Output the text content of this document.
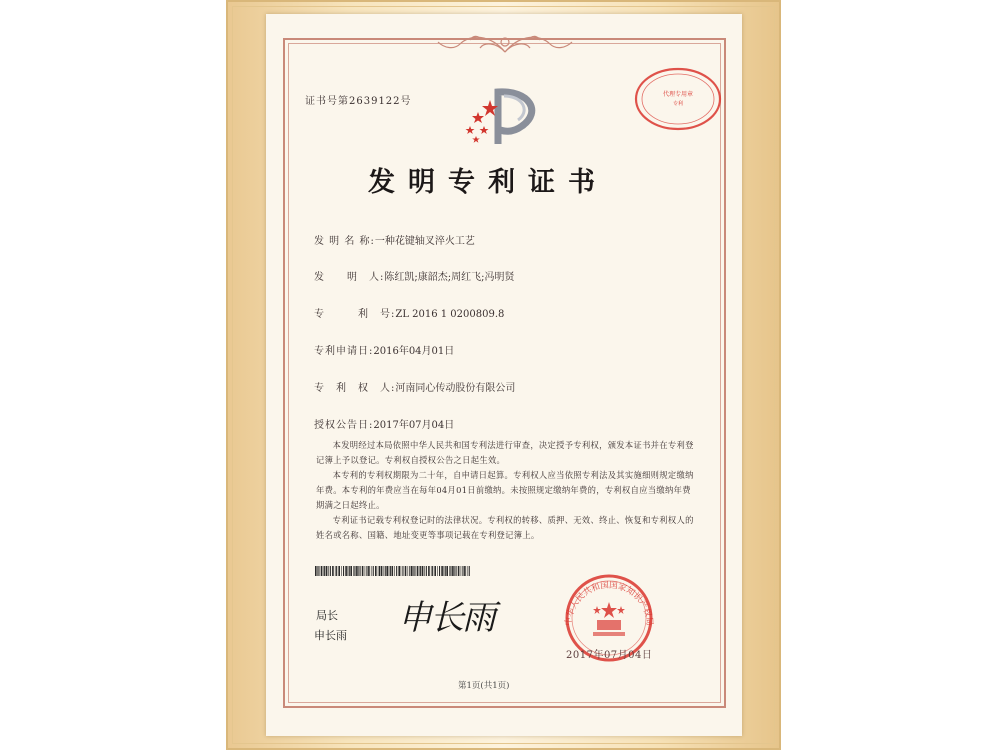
证书号第2639122号
代理专用章
专利
发明专利证书
发 明 名 称:一种花键轴叉淬火工艺
发　　明　人:陈红凯;康韶杰;周红飞;冯明贤
专　　　利　号:ZL 2016 1 0200809.8
专利申请日:2016年04月01日
专　利　权　人:河南同心传动股份有限公司
授权公告日:2017年07月04日
本发明经过本局依照中华人民共和国专利法进行审查，决定授予专利权，颁发本证书并在专利登记簿上予以登记。专利权自授权公告之日起生效。
本专利的专利权期限为二十年，自申请日起算。专利权人应当依照专利法及其实施细则规定缴纳年费。本专利的年费应当在每年04月01日前缴纳。未按照规定缴纳年费的，专利权自应当缴纳年费期满之日起终止。
专利证书记载专利权登记时的法律状况。专利权的转移、质押、无效、终止、恢复和专利权人的姓名或名称、国籍、地址变更等事项记载在专利登记簿上。
局长
申长雨 申长雨	中华人民共和国国家知识产权局
2017年07月04日
第1页(共1页)
